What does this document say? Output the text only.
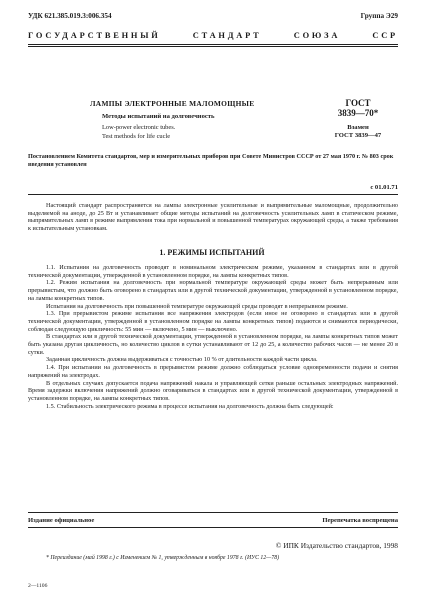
УДК 621.385.019.3:006.354	Группа Э29
ГОСУДАРСТВЕННЫЙ	СТАНДАРТ	СОЮЗА	ССР
ЛАМПЫ ЭЛЕКТРОННЫЕ МАЛОМОЩНЫЕ
Методы испытаний на долговечность
Low-power electronic tubes.
Test methods for life cucle
ГОСТ
3839—70*
Взамен
ГОСТ 3839—47
Постановлением Комитета стандартов, мер и измерительных приборов при Совете Министров СССР от 27 мая 1970 г. № 803 срок введения установлен
с 01.01.71
Настоящий стандарт распространяется на лампы электронные усилительные и выпрямительные маломощные, продолжительно выделяемой на аноде, до 25 Вт и устанавливает общие методы испытаний на долговечность усилительных ламп в статическом режиме, выпрямительных ламп в режиме выпрямления тока при нормальной и повышенной температурах окружающей среды, а также требования к испытательным установкам.
1. РЕЖИМЫ ИСПЫТАНИЙ
1.1. Испытания на долговечность проводят в номинальном электрическом режиме, указанном в стандартах или в другой технической документации, утвержденной в установленном порядке, на лампы конкретных типов.
1.2. Режим испытания на долговечность при нормальной температуре окружающей среды может быть непрерывным или прерывистым, что должно быть оговорено в стандартах или в другой технической документации, утвержденной в установленном порядке, на лампы конкретных типов.
Испытания на долговечность при повышенной температуре окружающей среды проводят в непрерывном режиме.
1.3. При прерывистом режиме испытания все напряжения электродов (если иное не оговорено в стандартах или в другой технической документации, утвержденной в установленном порядке на лампы конкретных типов) подаются и снимаются периодически, соблюдая следующую цикличность: 55 мин — включено, 5 мин — выключено.
В стандартах или в другой технической документации, утвержденной в установленном порядке, на лампы конкретных типов может быть указана другая цикличность, но количество циклов в сутки устанавливают от 12 до 25, а количество рабочих часов — не менее 20 в сутки.
Заданная цикличность должна выдерживаться с точностью 10 % от длительности каждой части цикла.
1.4. При испытании на долговечность в прерывистом режиме должно соблюдаться условие одновременности подачи и снятия напряжений на электродах.
В отдельных случаях допускается подача напряжений накала и управляющей сетки раньше остальных электродных напряжений. Время задержки включения напряжений должно оговариваться в стандартах или в другой технической документации, утвержденной в установленном порядке, на лампы конкретных типов.
1.5. Стабильность электрического режима в процессе испытания на долговечность должна быть следующей:
Издание официальное	Перепечатка воспрещена
© ИПК Издательство стандартов, 1998
* Переиздание (май 1998 г.) с Изменением № 1, утвержденным в ноябре 1978 г. (ИУС 12—78)
2—1106
